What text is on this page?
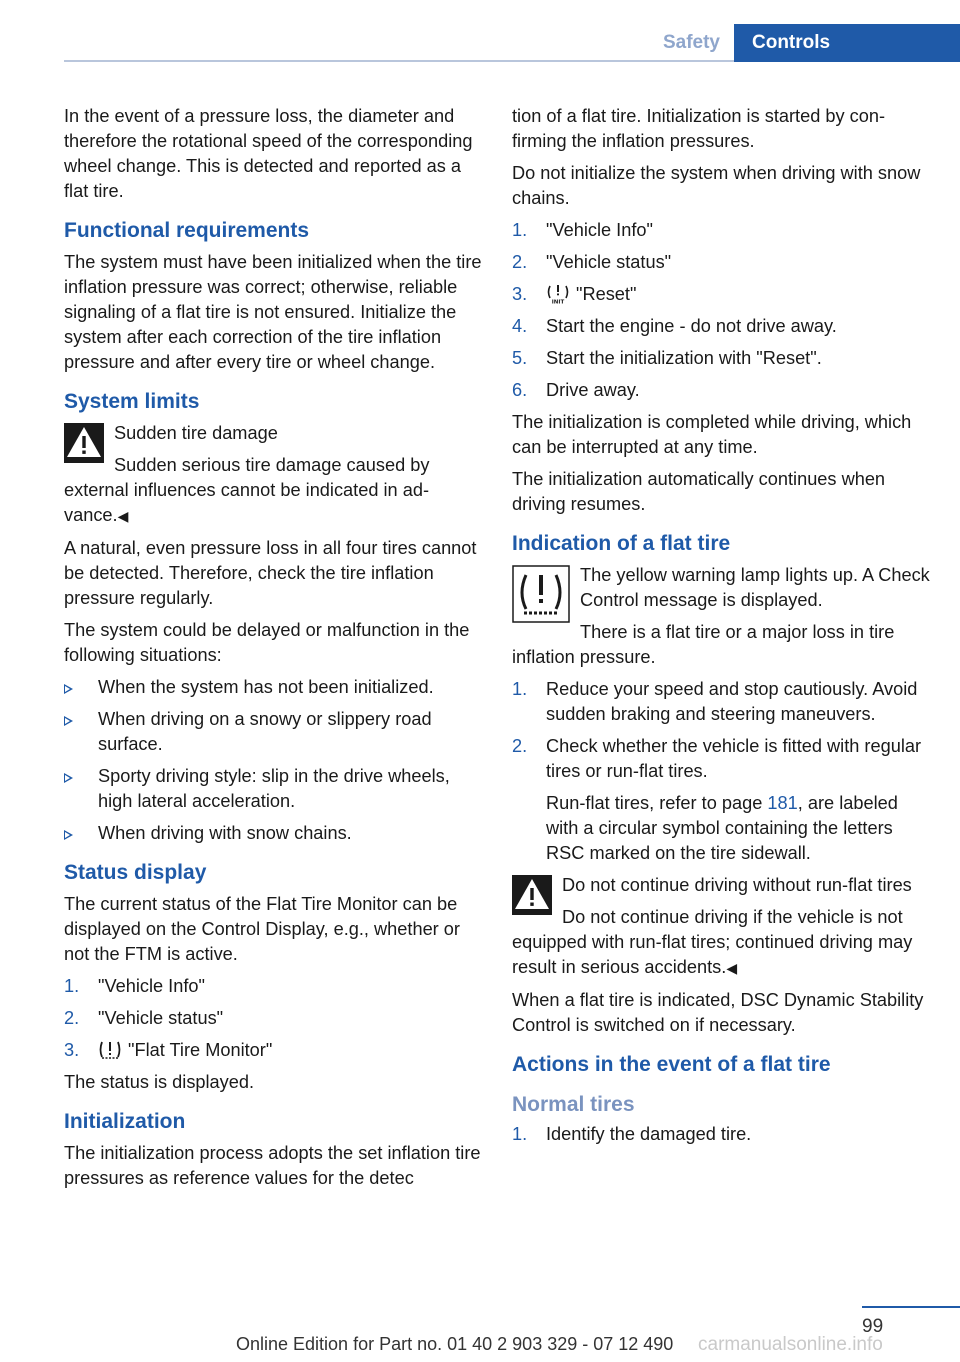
Safety	Controls

In the event of a pressure loss, the diameter and therefore the rotational speed of the corresponding wheel change. This is detected and reported as a flat tire.

Functional requirements

The system must have been initialized when the tire inflation pressure was correct; otherwise, reliable signaling of a flat tire is not ensured. Initialize the system after each correction of the tire inflation pressure and after every tire or wheel change.

System limits

Sudden tire damage

Sudden serious tire damage caused by external influences cannot be indicated in advance.◀

A natural, even pressure loss in all four tires cannot be detected. Therefore, check the tire inflation pressure regularly.

The system could be delayed or malfunction in the following situations:

When the system has not been initialized.
When driving on a snowy or slippery road surface.
Sporty driving style: slip in the drive wheels, high lateral acceleration.
When driving with snow chains.
Status display

The current status of the Flat Tire Monitor can be displayed on the Control Display, e.g., whether or not the FTM is active.

1. "Vehicle Info"
2. "Vehicle status"
3.	"Flat Tire Monitor"

The status is displayed.

Initialization

The initialization process adopts the set inflation tire pressures as reference values for the detec

tion of a flat tire. Initialization is started by confirming the inflation pressures.

Do not initialize the system when driving with snow chains.

1. "Vehicle Info"
2. "Vehicle status"
3.	INIT "Reset"
4. Start the engine - do not drive away.
5. Start the initialization with "Reset".
6. Drive away.

The initialization is completed while driving, which can be interrupted at any time.

The initialization automatically continues when driving resumes.

Indication of a flat tire

The yellow warning lamp lights up. A Check Control message is displayed.

There is a flat tire or a major loss in tire inflation pressure.

1. Reduce your speed and stop cautiously. Avoid sudden braking and steering maneuvers.
2. Check whether the vehicle is fitted with regular tires or run-flat tires.
Run-flat tires, refer to page 181, are labeled with a circular symbol containing the letters RSC marked on the tire sidewall.

Do not continue driving without run-flat tires

Do not continue driving if the vehicle is not equipped with run-flat tires; continued driving may result in serious accidents.◀

When a flat tire is indicated, DSC Dynamic Stability Control is switched on if necessary.

Actions in the event of a flat tire
Normal tires
1. Identify the damaged tire.
99
Online Edition for Part no. 01 40 2 903 329 - 07 12 490 carmanualsonline.info
